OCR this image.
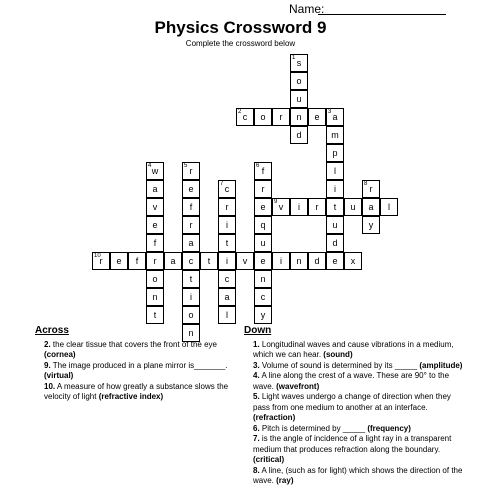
Name:
Physics Crossword 9
Complete the crossword below
1 s
o
u
2 c	o	r	n	e	3 a
d	m
p
4 w	5 r	6 f	l
a	e	7 c	r	i	8 r
v	f	r	e	9 v	i	r	t	u	a	l
e	r	i	q	u	y
f	a	t	u	d
10
r	e	f	r	a	c	t	i	v	e	i	n	d	e	x
o	t	c	n
n	i	a	c
t	o	l	y
n
Across
2. the clear tissue that covers the front of the eye (cornea)
9. The image produced in a plane mirror is_______. (virtual)
10. A measure of how greatly a substance slows the velocity of light (refractive index)
Down
1. Longitudinal waves and cause vibrations in a medium, which we can hear. (sound)
3. Volume of sound is determined by its _____ (amplitude)
4. A line along the crest of a wave. These are 90° to the wave. (wavefront)
5. Light waves undergo a change of direction when they pass from one medium to another at an interface. (refraction)
6. Pitch is determined by _____ (frequency)
7. is the angle of incidence of a light ray in a transparent medium that produces refraction along the boundary. (critical)
8. A line, (such as for light) which shows the direction of the wave. (ray)
